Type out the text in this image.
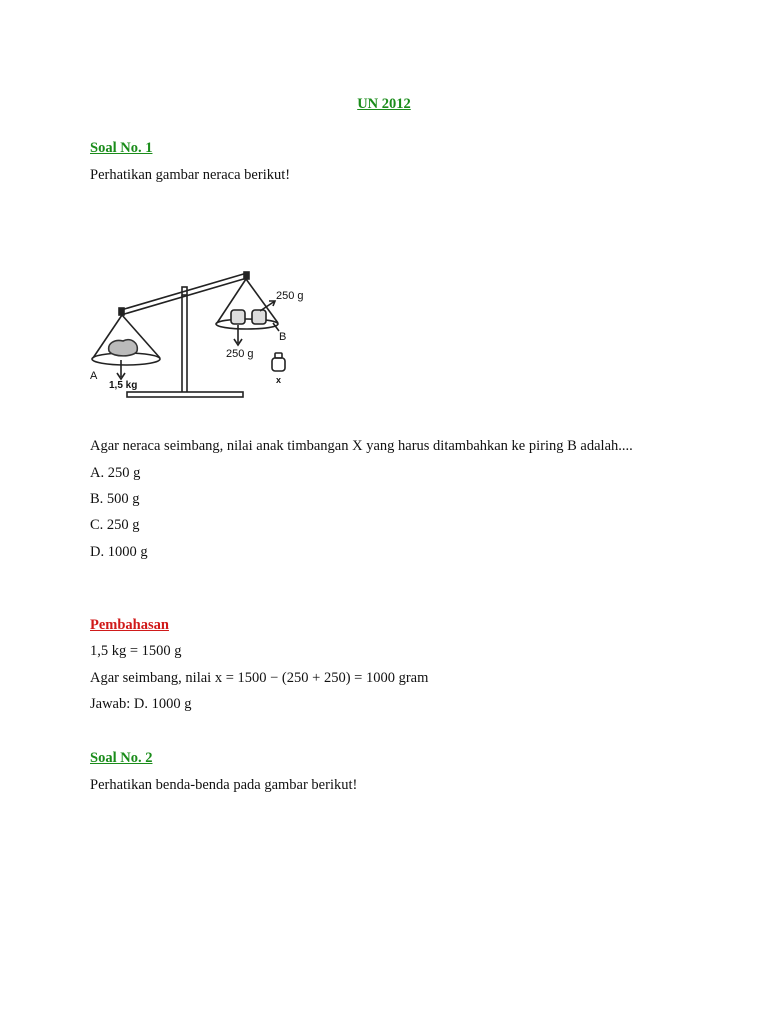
UN 2012
Soal No. 1
Perhatikan gambar neraca berikut!
A
1,5 kg
250 g
B
250 g
x
Agar neraca seimbang, nilai anak timbangan X yang harus ditambahkan ke piring B adalah....
A. 250 g
B. 500 g
C. 250 g
D. 1000 g
Pembahasan
1,5 kg = 1500 g
Agar seimbang, nilai x = 1500 − (250 + 250) = 1000 gram
Jawab: D. 1000 g
Soal No. 2
Perhatikan benda-benda pada gambar berikut!
